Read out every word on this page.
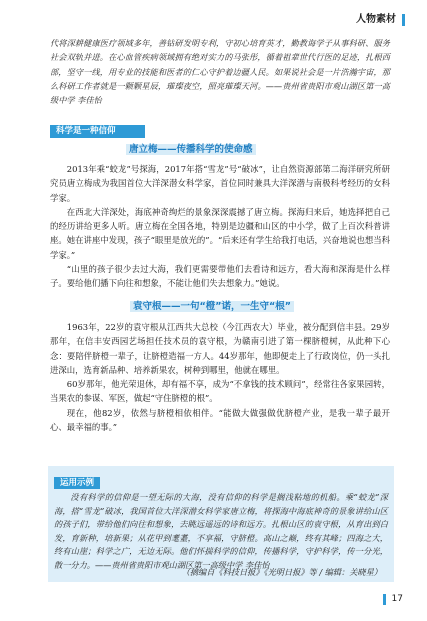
人物素材
代将深耕健康医疗领域多年，善钻研发明专利，守初心培育英才，勤教诲学子从事科研、服务社会双轨并进。在心血管疾病领域拥有绝对实力的马张彤，循着祖辈世代行医的足迹，扎根西部，坚守一线，用专业的技能和医者的仁心守护着边疆人民。如果说社会是一片浩瀚宇宙，那么科研工作者就是一颗颗星辰，璀璨夜空，照亮璀璨天河。——贵州省贵阳市观山湖区第一高级中学 李佳怡
科学是一种信仰
唐立梅——传播科学的使命感

2013年乘“蛟龙”号探海，2017年搭“雪龙”号“破冰”，让自然资源部第二海洋研究所研究员唐立梅成为我国首位大洋深潜女科学家，首位同时兼具大洋深潜与南极科考经历的女科学家。

在西北大洋深处，海底神奇绚烂的景象深深震撼了唐立梅。探海归来后，她选择把自己的经历讲给更多人听。唐立梅在全国各地，特别是边疆和山区的中小学，做了上百次科普讲座。她在讲座中发现，孩子“眼里是放光的”。“后来还有学生给我打电话，兴奋地说也想当科学家。”

“山里的孩子很少去过大海，我们更需要带他们去看诗和远方，看大海和深海是什么样子。要给他们播下向往和想象，不能让他们失去想象力。”她说。

袁守根——一句“橙”诺，一生守“根”

1963年，22岁的袁守根从江西共大总校（今江西农大）毕业，被分配到信丰县。29岁那年，在信丰安西园艺场担任技术员的袁守根，为赣南引进了第一棵脐橙树，从此种下心念：要陪伴脐橙一辈子，让脐橙造福一方人。44岁那年，他即便走上了行政岗位，仍一头扎进深山，选育新品种、培养新果农，树种到哪里，他就在哪里。

60岁那年，他光荣退休，却有福不享，成为“不拿钱的技术顾问”，经常往各家果园转，当果农的参谋、军医，做起“守住脐橙的根”。

现在，他82岁，依然与脐橙相依相伴。“能做大做强做优脐橙产业，是我一辈子最开心、最幸福的事。”

运用示例
没有科学的信仰是一望无际的大海，没有信仰的科学是搁浅粘地的机船。乘“蛟龙”深海，搭“雪龙”破冰，我国首位大洋深潜女科学家唐立梅，将探海中海底神奇的景象讲给山区的孩子们，带给他们向往和想象，去眺远遥远的诗和远方。扎根山区的袁守根，从育出到白发，育新种，培新果；从花甲到耄耋，不享福，守脐橙。高山之巅，终有其峰；四海之大，终有山崖；科学之广，无边无际。他们怀揣科学的信仰，传播科学，守护科学，传一分光，散一分力。——贵州省贵阳市观山湖区第一高级中学 李佳怡
（摘编自《科技日报》《光明日报》等 / 编辑：关晓星）
17
